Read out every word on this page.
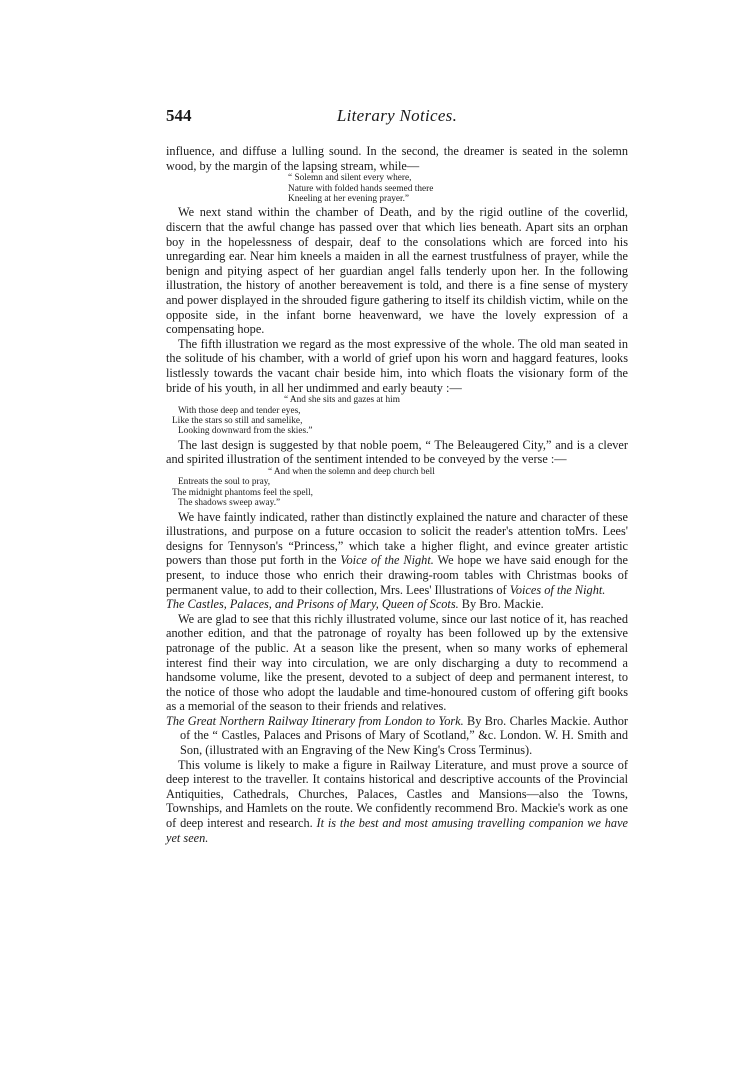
544	Literary Notices.

influence, and diffuse a lulling sound. In the second, the dreamer is seated in the solemn wood, by the margin of the lapsing stream, while—

“ Solemn and silent every where,
Nature with folded hands seemed there
Kneeling at her evening prayer.”

We next stand within the chamber of Death, and by the rigid outline of the coverlid, discern that the awful change has passed over that which lies beneath. Apart sits an orphan boy in the hopelessness of despair, deaf to the consolations which are forced into his unregarding ear. Near him kneels a maiden in all the earnest trustfulness of prayer, while the benign and pitying aspect of her guardian angel falls tenderly upon her. In the following illustration, the history of another bereavement is told, and there is a fine sense of mystery and power displayed in the shrouded figure gathering to itself its childish victim, while on the opposite side, in the infant borne heavenward, we have the lovely expression of a compensating hope.

The fifth illustration we regard as the most expressive of the whole. The old man seated in the solitude of his chamber, with a world of grief upon his worn and haggard features, looks listlessly towards the vacant chair beside him, into which floats the visionary form of the bride of his youth, in all her undimmed and early beauty :—

“ And she sits and gazes at him
With those deep and tender eyes,
Like the stars so still and samelike,
Looking downward from the skies.”

The last design is suggested by that noble poem, “ The Beleaugered City,” and is a clever and spirited illustration of the sentiment intended to be conveyed by the verse :—

“ And when the solemn and deep church bell
Entreats the soul to pray,
The midnight phantoms feel the spell,
The shadows sweep away.”

We have faintly indicated, rather than distinctly explained the nature and character of these illustrations, and purpose on a future occasion to solicit the reader's attention toMrs. Lees' designs for Tennyson's “Princess,” which take a higher flight, and evince greater artistic powers than those put forth in the Voice of the Night. We hope we have said enough for the present, to induce those who enrich their drawing-room tables with Christmas books of permanent value, to add to their collection, Mrs. Lees' Illustrations of Voices of the Night.

The Castles, Palaces, and Prisons of Mary, Queen of Scots. By Bro. Mackie.

We are glad to see that this richly illustrated volume, since our last notice of it, has reached another edition, and that the patronage of royalty has been followed up by the extensive patronage of the public. At a season like the present, when so many works of ephemeral interest find their way into circulation, we are only discharging a duty to recommend a handsome volume, like the present, devoted to a subject of deep and permanent interest, to the notice of those who adopt the laudable and time-honoured custom of offering gift books as a memorial of the season to their friends and relatives.

The Great Northern Railway Itinerary from London to York. By Bro. Charles Mackie. Author of the “ Castles, Palaces and Prisons of Mary of Scotland,” &c. London. W. H. Smith and Son, (illustrated with an Engraving of the New King's Cross Terminus).

This volume is likely to make a figure in Railway Literature, and must prove a source of deep interest to the traveller. It contains historical and descriptive accounts of the Provincial Antiquities, Cathedrals, Churches, Palaces, Castles and Mansions—also the Towns, Townships, and Hamlets on the route. We confidently recommend Bro. Mackie's work as one of deep interest and research. It is the best and most amusing travelling companion we have yet seen.
